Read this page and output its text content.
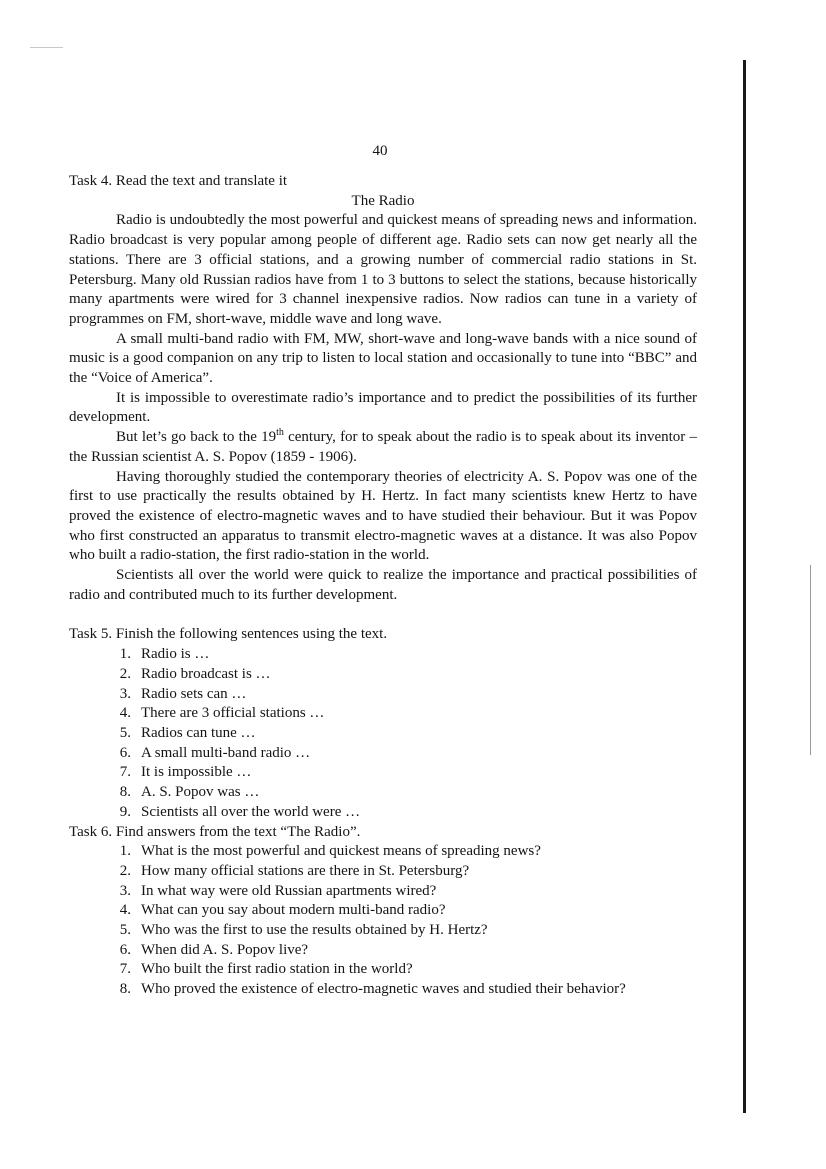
40

Task 4. Read the text and translate it

The Radio

Radio is undoubtedly the most powerful and quickest means of spreading news and information. Radio broadcast is very popular among people of different age. Radio sets can now get nearly all the stations. There are 3 official stations, and a growing number of commercial radio stations in St. Petersburg. Many old Russian radios have from 1 to 3 buttons to select the stations, because historically many apartments were wired for 3 channel inexpensive radios. Now radios can tune in a variety of programmes on FM, short-wave, middle wave and long wave.

A small multi-band radio with FM, MW, short-wave and long-wave bands with a nice sound of music is a good companion on any trip to listen to local station and occasionally to tune into “BBC” and the “Voice of America”.

It is impossible to overestimate radio’s importance and to predict the possibilities of its further development.

But let’s go back to the 19th century, for to speak about the radio is to speak about its inventor – the Russian scientist A. S. Popov (1859 - 1906).

Having thoroughly studied the contemporary theories of electricity A. S. Popov was one of the first to use practically the results obtained by H. Hertz. In fact many scientists knew Hertz to have proved the existence of electro-magnetic waves and to have studied their behaviour. But it was Popov who first constructed an apparatus to transmit electro-magnetic waves at a distance. It was also Popov who built a radio-station, the first radio-station in the world.

Scientists all over the world were quick to realize the importance and practical possibilities of radio and contributed much to its further development.

Task 5. Finish the following sentences using the text.

1. Radio is …
2. Radio broadcast is …
3. Radio sets can …
4. There are 3 official stations …
5. Radios can tune …
6. A small multi-band radio …
7. It is impossible …
8. A. S. Popov was …
9. Scientists all over the world were …

Task 6. Find answers from the text “The Radio”.

1. What is the most powerful and quickest means of spreading news?
2. How many official stations are there in St. Petersburg?
3. In what way were old Russian apartments wired?
4. What can you say about modern multi-band radio?
5. Who was the first to use the results obtained by H. Hertz?
6. When did A. S. Popov live?
7. Who built the first radio station in the world?
8. Who proved the existence of electro-magnetic waves and studied their behavior?
